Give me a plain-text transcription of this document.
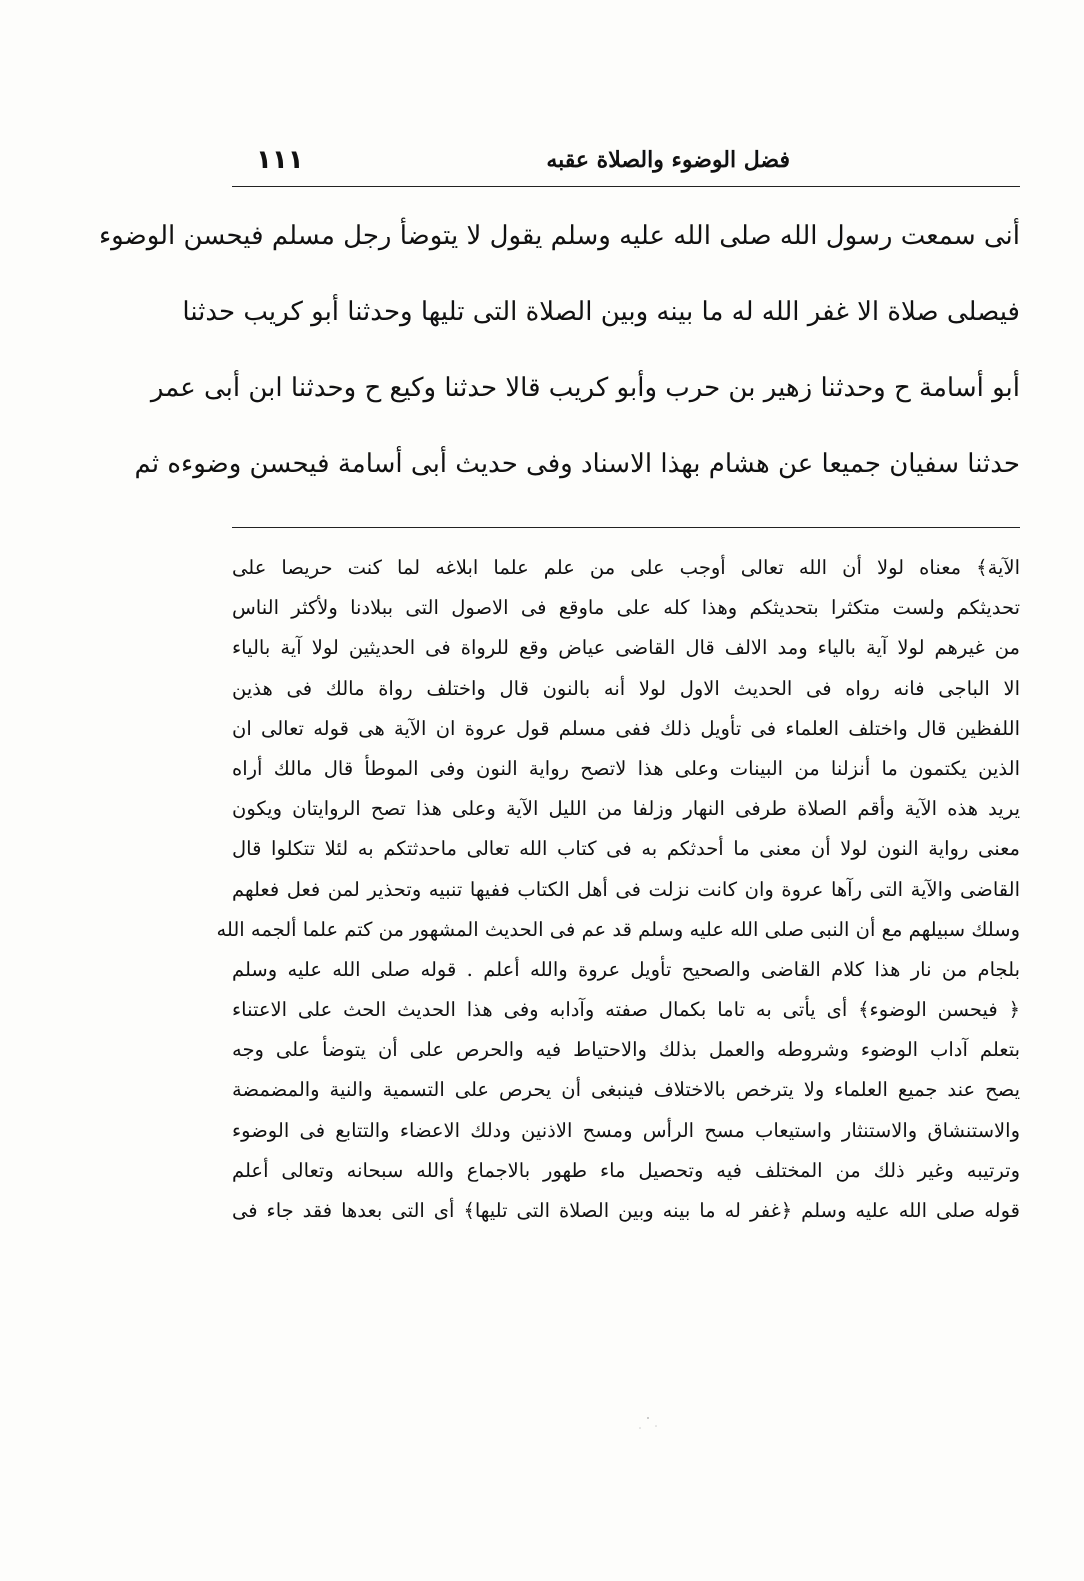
١١١	فضل الوضوء والصلاة عقبه
أنى سمعت رسول الله صلى الله عليه وسلم يقول لا يتوضأ رجل مسلم فيحسن الوضوء
فيصلى صلاة الا غفر الله له ما بينه وبين الصلاة التى تليها وحدثنا أبو كريب حدثنا
أبو أسامة ح وحدثنا زهير بن حرب وأبو كريب قالا حدثنا وكيع ح وحدثنا ابن أبى عمر
حدثنا سفيان جميعا عن هشام بهذا الاسناد وفى حديث أبى أسامة فيحسن وضوءه ثم
الآية﴾ معناه لولا أن الله تعالى أوجب على من علم علما ابلاغه لما كنت حريصا على
تحديثكم ولست متكثرا بتحديثكم وهذا كله على ماوقع فى الاصول التى ببلادنا ولأكثر الناس
من غيرهم لولا آية بالياء ومد الالف قال القاضى عياض وقع للرواة فى الحديثين لولا آية بالياء
الا الباجى فانه رواه فى الحديث الاول لولا أنه بالنون قال واختلف رواة مالك فى هذين
اللفظين قال واختلف العلماء فى تأويل ذلك ففى مسلم قول عروة ان الآية هى قوله تعالى ان
الذين يكتمون ما أنزلنا من البينات وعلى هذا لاتصح رواية النون وفى الموطأ قال مالك أراه
يريد هذه الآية وأقم الصلاة طرفى النهار وزلفا من الليل الآية وعلى هذا تصح الروايتان ويكون
معنى رواية النون لولا أن معنى ما أحدثكم به فى كتاب الله تعالى ماحدثتكم به لئلا تتكلوا قال
القاضى والآية التى رآها عروة وان كانت نزلت فى أهل الكتاب ففيها تنبيه وتحذير لمن فعل فعلهم
وسلك سبيلهم مع أن النبى صلى الله عليه وسلم قد عم فى الحديث المشهور من كتم علما ألجمه الله
بلجام من نار هذا كلام القاضى والصحيح تأويل عروة والله أعلم . قوله صلى الله عليه وسلم
﴿ فيحسن الوضوء﴾ أى يأتى به تاما بكمال صفته وآدابه وفى هذا الحديث الحث على الاعتناء
بتعلم آداب الوضوء وشروطه والعمل بذلك والاحتياط فيه والحرص على أن يتوضأ على وجه
يصح عند جميع العلماء ولا يترخص بالاختلاف فينبغى أن يحرص على التسمية والنية والمضمضة
والاستنشاق والاستنثار واستيعاب مسح الرأس ومسح الاذنين ودلك الاعضاء والتتابع فى الوضوء
وترتيبه وغير ذلك من المختلف فيه وتحصيل ماء طهور بالاجماع والله سبحانه وتعالى أعلم
قوله صلى الله عليه وسلم ﴿غفر له ما بينه وبين الصلاة التى تليها﴾ أى التى بعدها فقد جاء فى
